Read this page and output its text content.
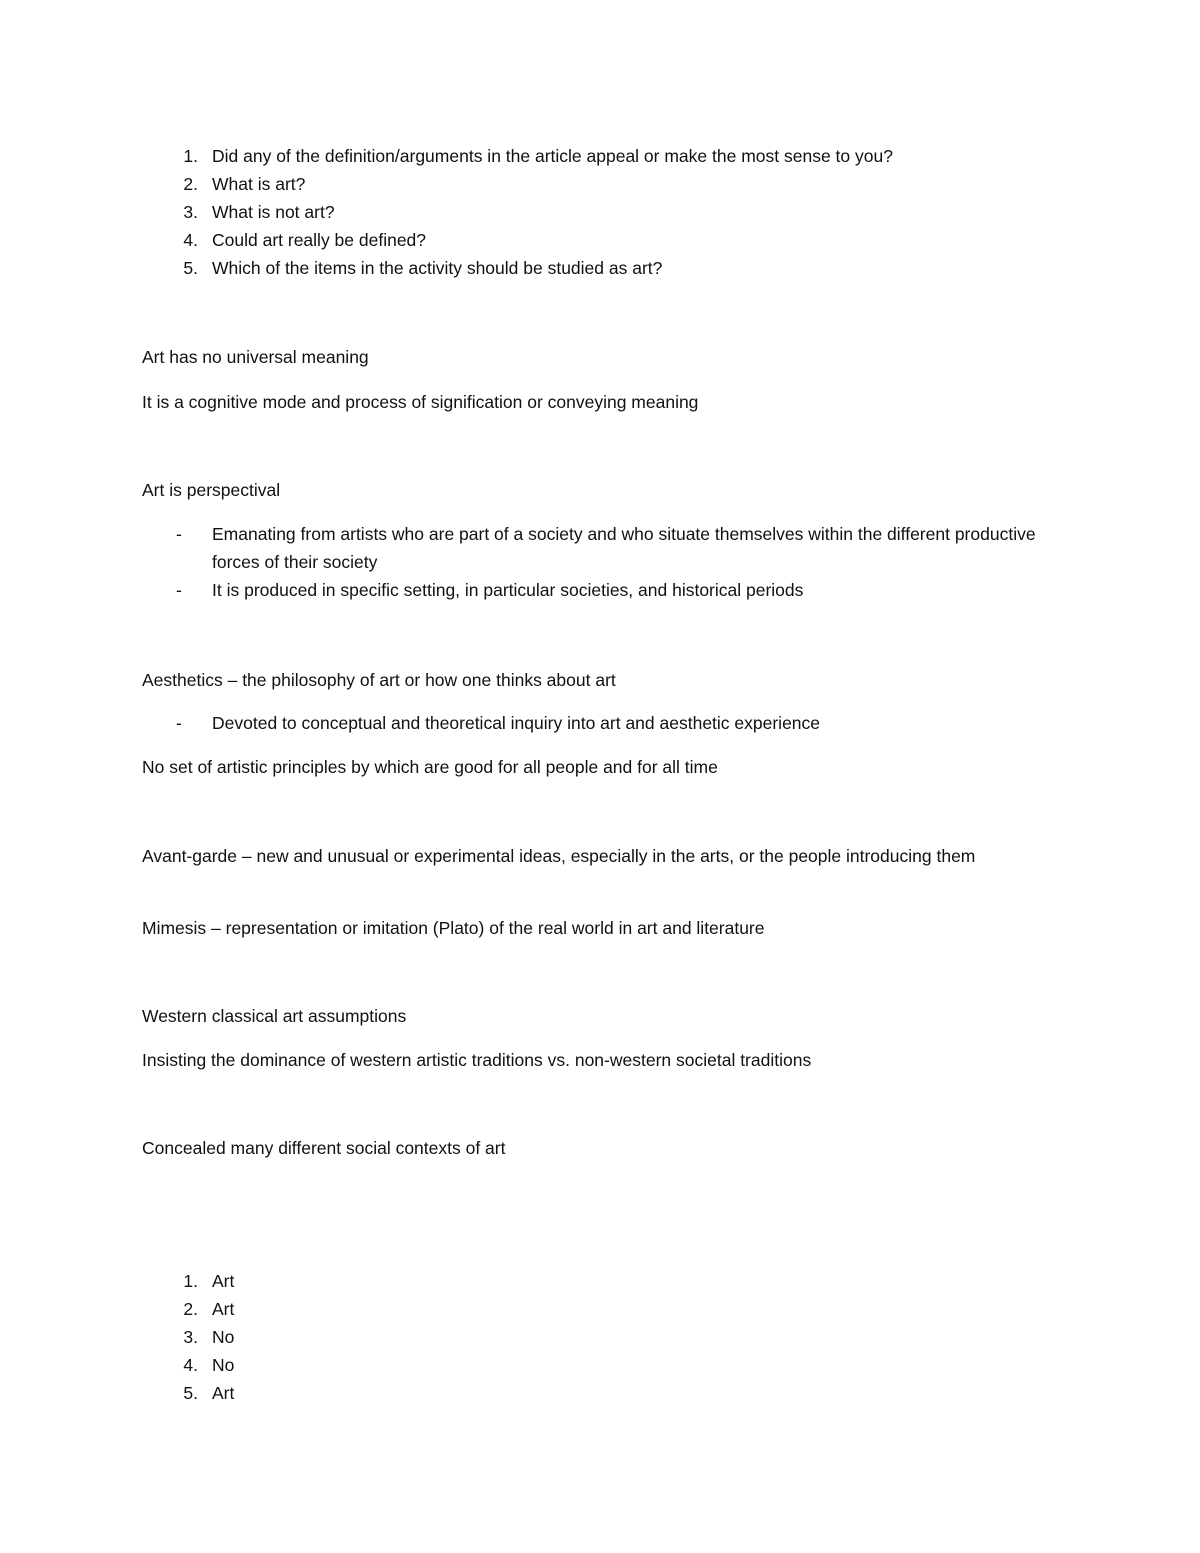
1. Did any of the definition/arguments in the article appeal or make the most sense to you?
2. What is art?
3. What is not art?
4. Could art really be defined?
5. Which of the items in the activity should be studied as art?
Art has no universal meaning
It is a cognitive mode and process of signification or conveying meaning
Art is perspectival
- Emanating from artists who are part of a society and who situate themselves within the different productive forces of their society
- It is produced in specific setting, in particular societies, and historical periods
Aesthetics – the philosophy of art or how one thinks about art
- Devoted to conceptual and theoretical inquiry into art and aesthetic experience
No set of artistic principles by which are good for all people and for all time
Avant-garde – new and unusual or experimental ideas, especially in the arts, or the people introducing them
Mimesis – representation or imitation (Plato) of the real world in art and literature
Western classical art assumptions
Insisting the dominance of western artistic traditions vs. non-western societal traditions
Concealed many different social contexts of art
1. Art
2. Art
3. No
4. No
5. Art
